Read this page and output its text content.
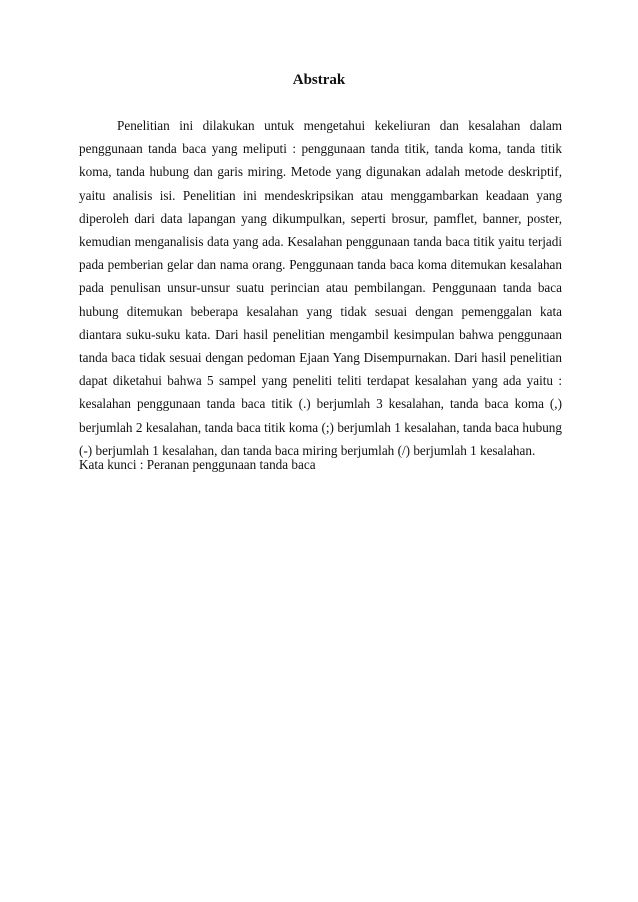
Abstrak

Penelitian ini dilakukan untuk mengetahui kekeliuran dan kesalahan dalam penggunaan tanda baca yang meliputi : penggunaan tanda titik, tanda koma, tanda titik koma, tanda hubung dan garis miring. Metode yang digunakan adalah metode deskriptif, yaitu analisis isi. Penelitian ini mendeskripsikan atau menggambarkan keadaan yang diperoleh dari data lapangan yang dikumpulkan, seperti brosur, pamflet, banner, poster, kemudian menganalisis data yang ada. Kesalahan penggunaan tanda baca titik yaitu terjadi pada pemberian gelar dan nama orang. Penggunaan tanda baca koma ditemukan kesalahan pada penulisan unsur-unsur suatu perincian atau pembilangan. Penggunaan tanda baca hubung ditemukan beberapa kesalahan yang tidak sesuai dengan pemenggalan kata diantara suku-suku kata. Dari hasil penelitian mengambil kesimpulan bahwa penggunaan tanda baca tidak sesuai dengan pedoman Ejaan Yang Disempurnakan. Dari hasil penelitian dapat diketahui bahwa 5 sampel yang peneliti teliti terdapat kesalahan yang ada yaitu : kesalahan penggunaan tanda baca titik (.) berjumlah 3 kesalahan, tanda baca koma (,) berjumlah 2 kesalahan, tanda baca titik koma (;) berjumlah 1 kesalahan, tanda baca hubung (-) berjumlah 1 kesalahan, dan tanda baca miring berjumlah (/) berjumlah 1 kesalahan.

Kata kunci : Peranan penggunaan tanda baca
